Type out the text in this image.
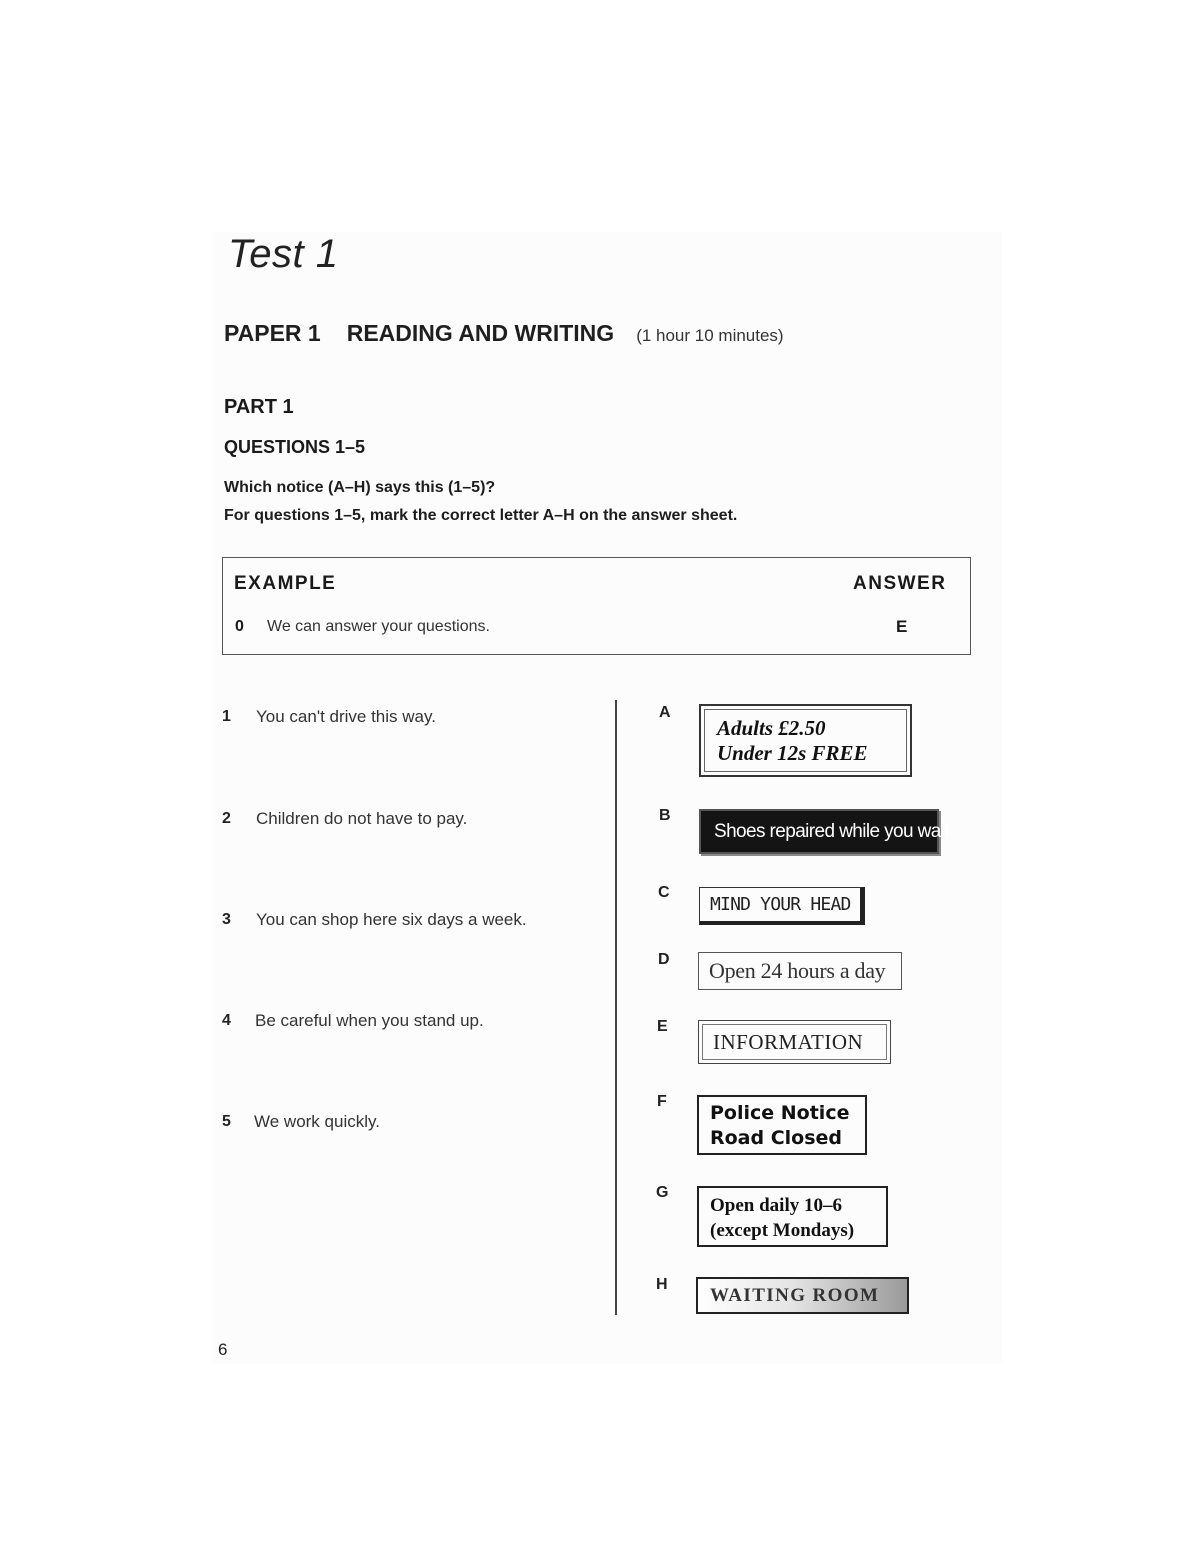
Test 1
PAPER 1 READING AND WRITING (1 hour 10 minutes)
PART 1
QUESTIONS 1–5
Which notice (A–H) says this (1–5)?
For questions 1–5, mark the correct letter A–H on the answer sheet.
EXAMPLE	ANSWER
0 We can answer your questions.	E
1 You can't drive this way.
2 Children do not have to pay.
3 You can shop here six days a week.
4 Be careful when you stand up.
5 We work quickly.
A
Adults £2.50
Under 12s FREE
B
Shoes repaired while you wait
C
MIND YOUR HEAD
D	Open 24 hours a day
E
INFORMATION
F
Police Notice
Road Closed
G
Open daily 10–6
(except Mondays)
H
WAITING ROOM
6
